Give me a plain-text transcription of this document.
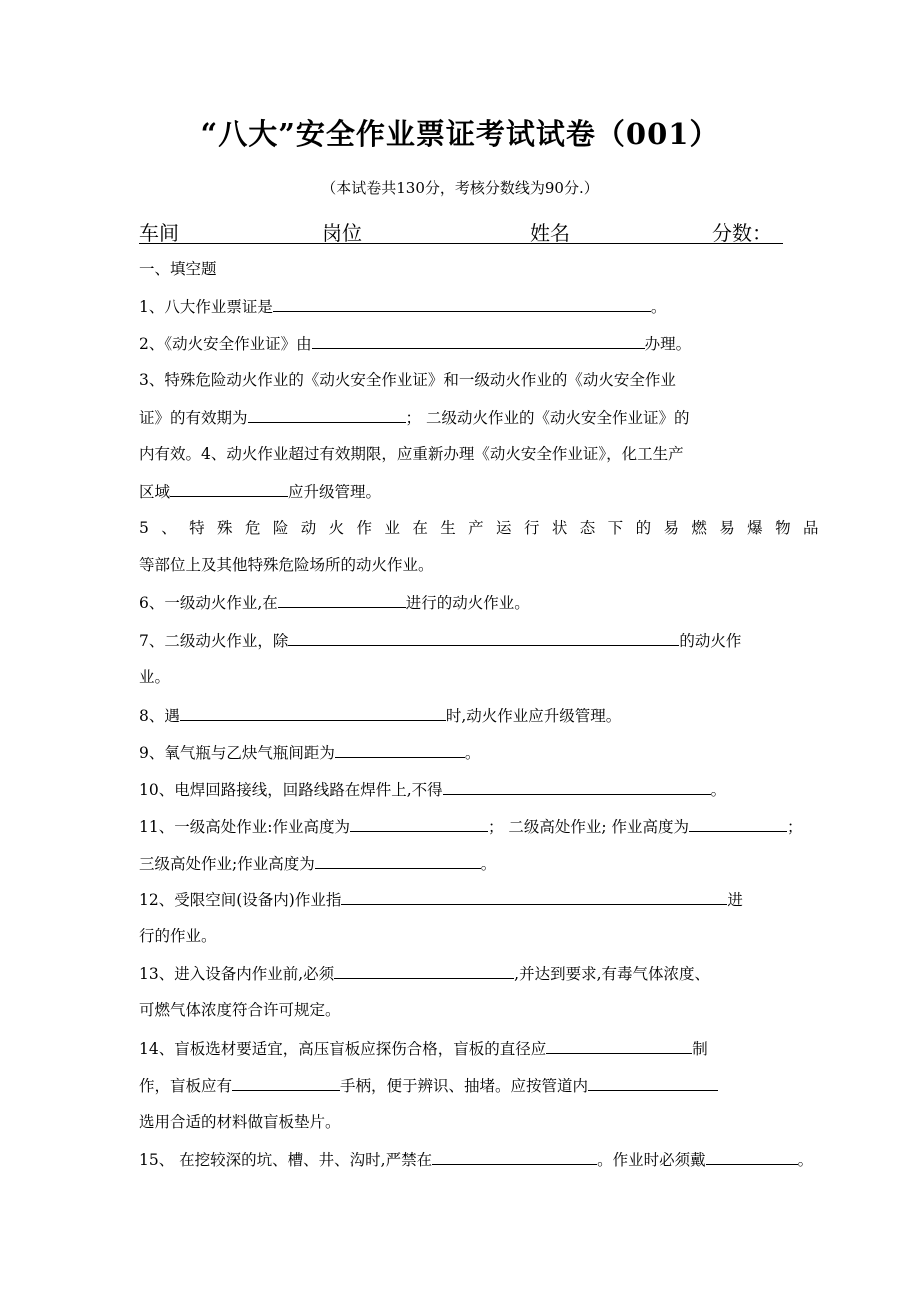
“八大”安全作业票证考试试卷（001）
（本试卷共130分，考核分数线为90分.）
车间	岗位	姓名	分数：
一、填空题
1、八大作业票证是	。
2、《动火安全作业证》由	办理。
3、特殊危险动火作业的《动火安全作业证》和一级动火作业的《动火安全作业
证》的有效期为	； 二级动火作业的《动火安全作业证》的
内有效。4、动火作业超过有效期限，应重新办理《动火安全作业证》，化工生产
区域	应升级管理。
5、特殊危险动火作业在生产运行状态下的易燃易爆物品
等部位上及其他特殊危险场所的动火作业。
6、一级动火作业,在	进行的动火作业。
7、二级动火作业，除	的动火作
业。
8、遇	时,动火作业应升级管理。
9、氧气瓶与乙炔气瓶间距为	。
10、电焊回路接线，回路线路在焊件上,不得	。
11、一级高处作业:作业高度为	； 二级高处作业; 作业高度为	；
三级高处作业;作业高度为	。
12、受限空间(设备内)作业指	进
行的作业。
13、进入设备内作业前,必须	,并达到要求,有毒气体浓度、
可燃气体浓度符合许可规定。
14、盲板选材要适宜，高压盲板应探伤合格，盲板的直径应	制
作，盲板应有	手柄，便于辨识、抽堵。应按管道内
选用合适的材料做盲板垫片。
15、 在挖较深的坑、槽、井、沟时,严禁在	。作业时必须戴	。
